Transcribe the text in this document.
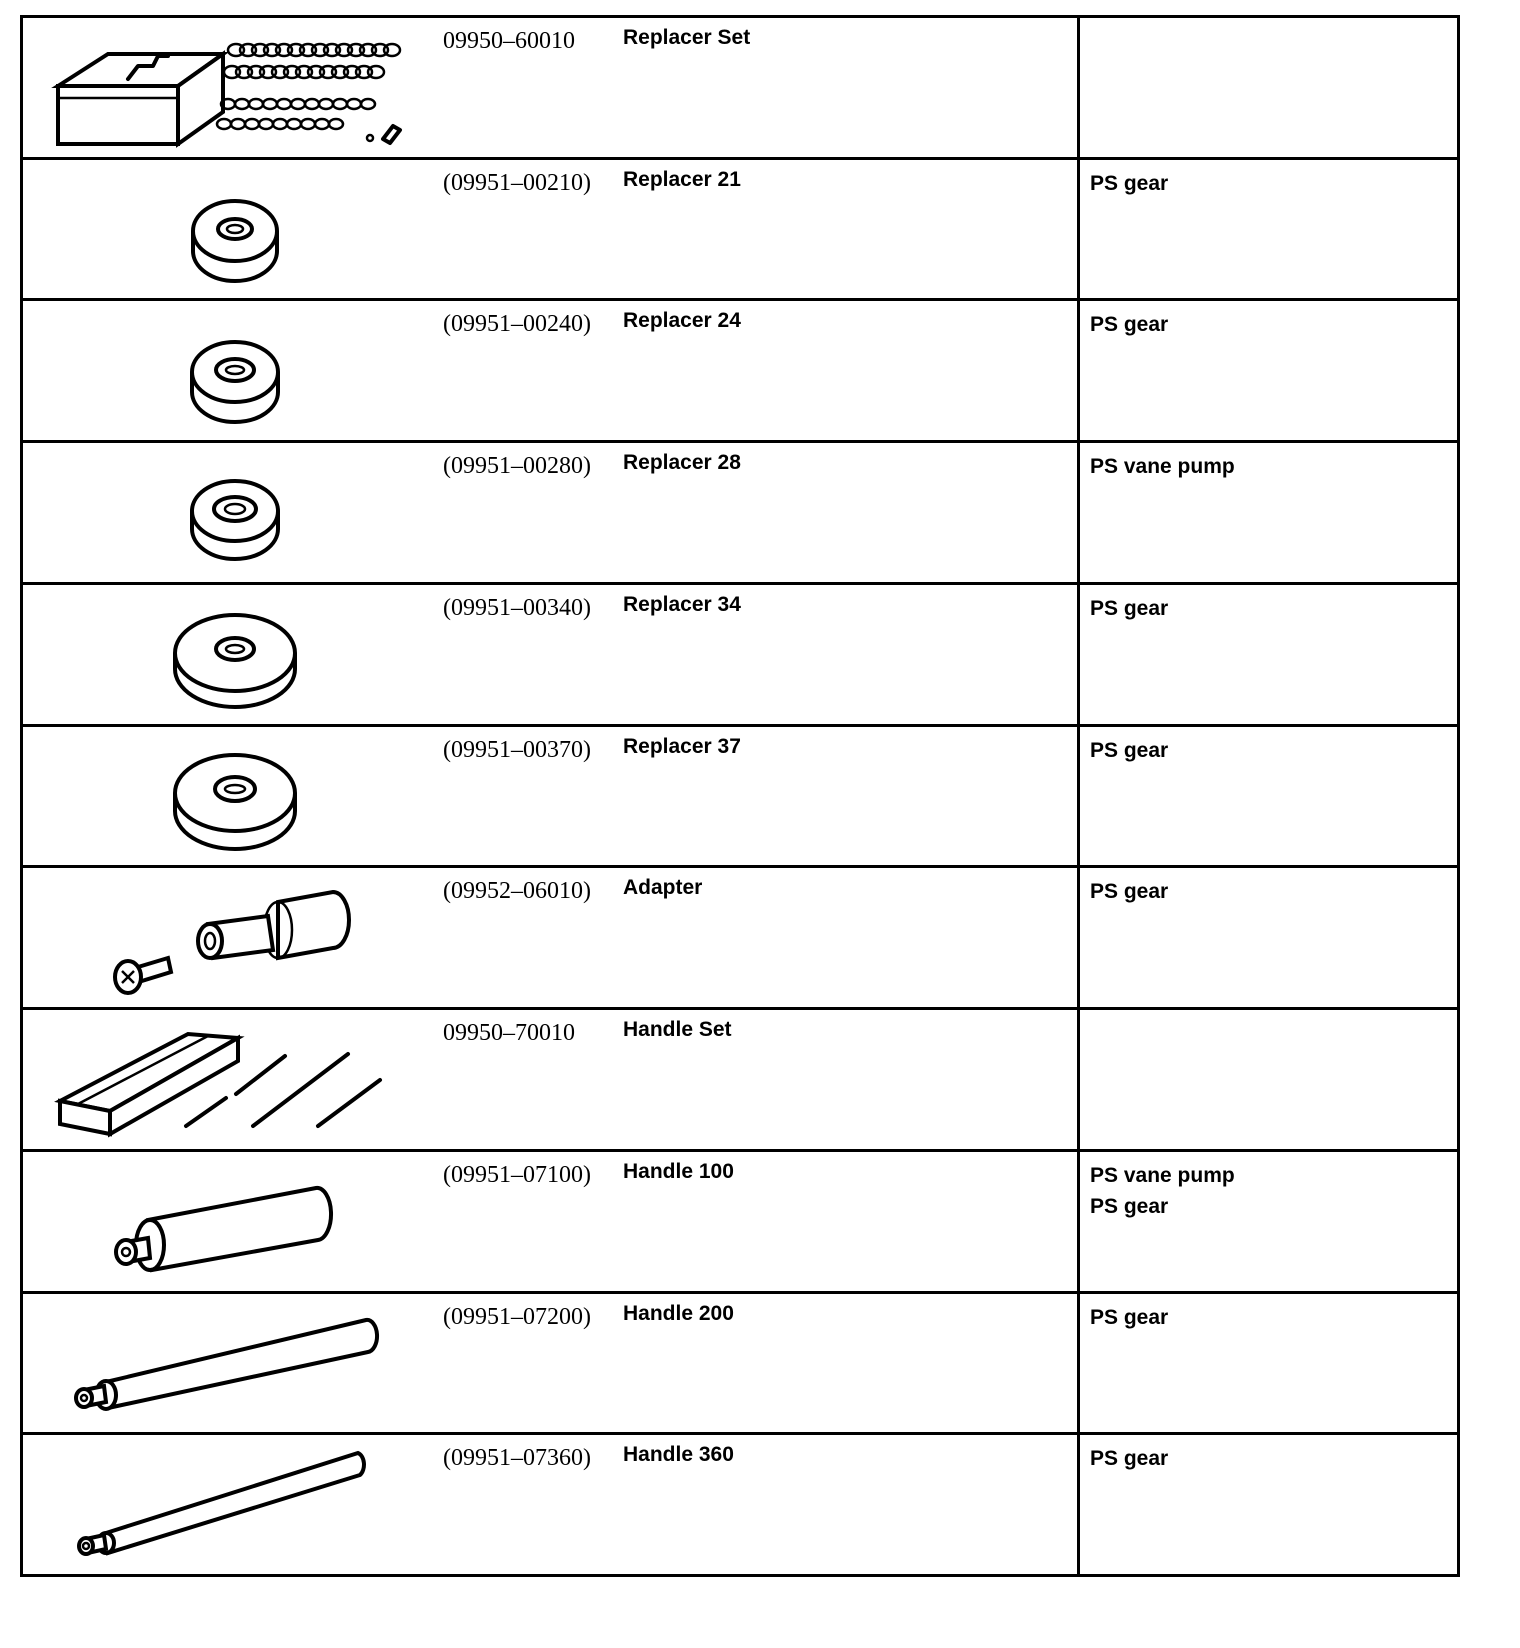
09950–60010 Replacer Set
(09951–00210) Replacer 21	PS gear
(09951–00240) Replacer 24	PS gear
(09951–00280) Replacer 28	PS vane pump
(09951–00340) Replacer 34	PS gear
(09951–00370) Replacer 37	PS gear
(09952–06010) Adapter	PS gear
09950–70010 Handle Set
(09951–07100) Handle 100	PS vane pump
PS gear
(09951–07200) Handle 200	PS gear
(09951–07360) Handle 360	PS gear
